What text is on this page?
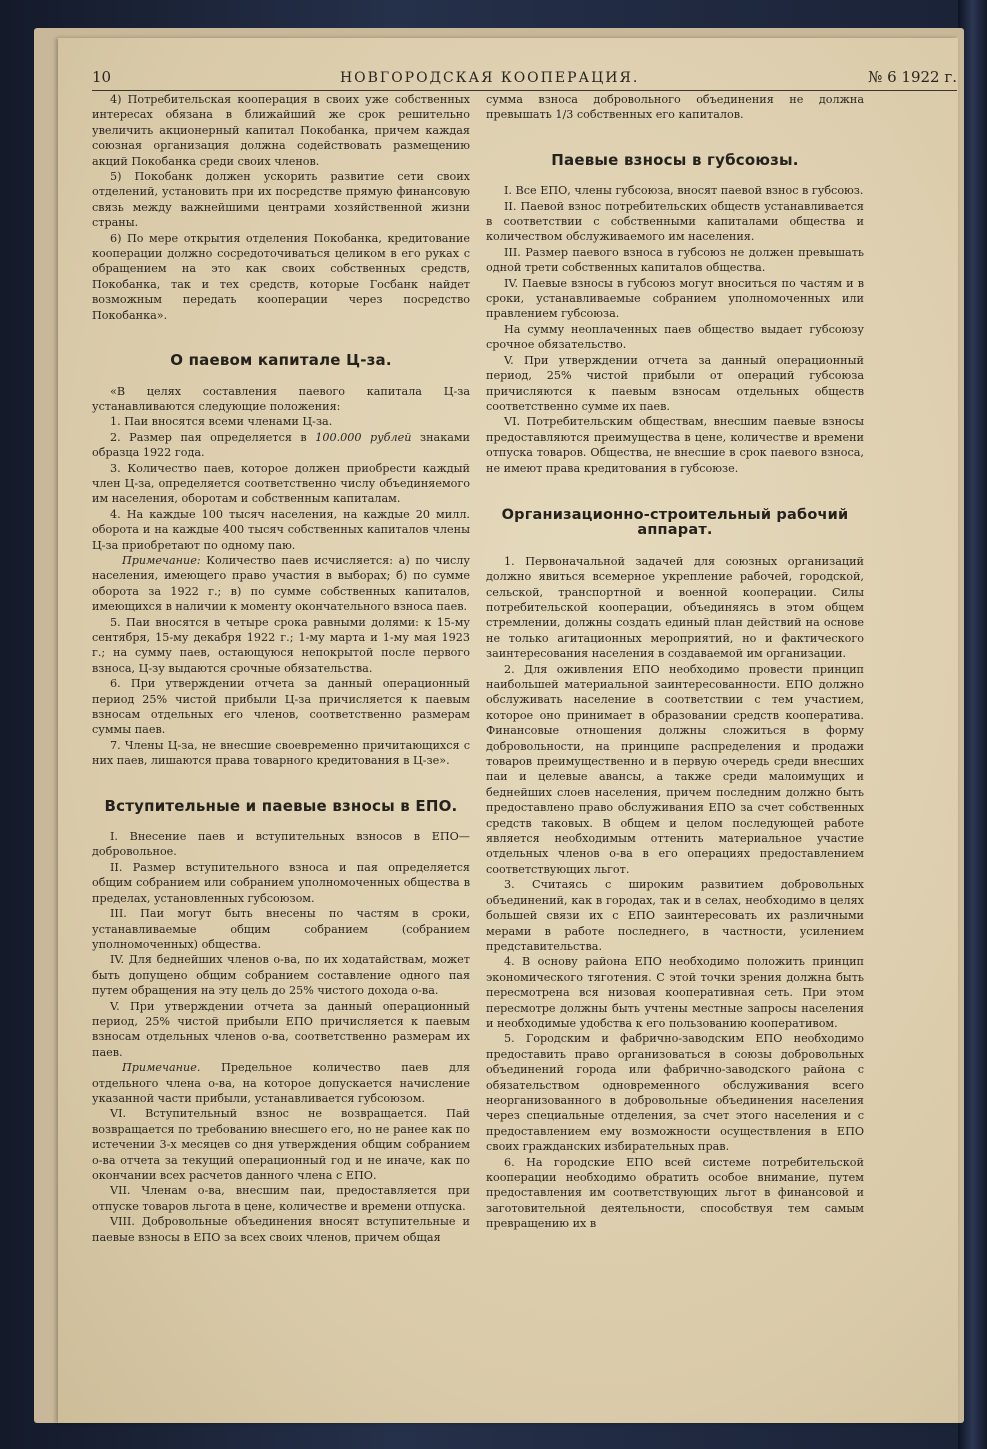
10	НОВГОРОДСКАЯ КООПЕРАЦИЯ.	№ 6 1922 г.

4) Потребительская кооперация в своих уже собственных интересах обязана в ближайший же срок решительно увеличить акционерный капитал Покобанка, причем каждая союзная организация должна содействовать размещению акций Покобанка среди своих членов.

5) Покобанк должен ускорить развитие сети своих отделений, установить при их посредстве прямую финансовую связь между важнейшими центрами хозяйственной жизни страны.

6) По мере открытия отделения Покобанка, кредитование кооперации должно сосредоточиваться целиком в его руках с обращением на это как своих собственных средств, Покобанка, так и тех средств, которые Госбанк найдет возможным передать кооперации через посредство Покобанка».

О паевом капитале Ц-за.

«В целях составления паевого капитала Ц-за устанавливаются следующие положения:

1. Паи вносятся всеми членами Ц-за.

2. Размер пая определяется в 100.000 рублей знаками образца 1922 года.

3. Количество паев, которое должен приобрести каждый член Ц-за, определяется соответственно числу объединяемого им населения, оборотам и собственным капиталам.

4. На каждые 100 тысяч населения, на каждые 20 милл. оборота и на каждые 400 тысяч собственных капиталов члены Ц-за приобретают по одному паю.

Примечание: Количество паев исчисляется: а) по числу населения, имеющего право участия в выборах; б) по сумме оборота за 1922 г.; в) по сумме собственных капиталов, имеющихся в наличии к моменту окончательного взноса паев.

5. Паи вносятся в четыре срока равными долями: к 15-му сентября, 15-му декабря 1922 г.; 1-му марта и 1-му мая 1923 г.; на сумму паев, остающуюся непокрытой после первого взноса, Ц-зу выдаются срочные обязательства.

6. При утверждении отчета за данный операционный период 25% чистой прибыли Ц-за причисляется к паевым взносам отдельных его членов, соответственно размерам суммы паев.

7. Члены Ц-за, не внесшие своевременно причитающихся с них паев, лишаются права товарного кредитования в Ц-зе».

Вступительные и паевые взносы в ЕПО.

I. Внесение паев и вступительных взносов в ЕПО—добровольное.

II. Размер вступительного взноса и пая определяется общим собранием или собранием уполномоченных общества в пределах, установленных губсоюзом.

III. Паи могут быть внесены по частям в сроки, устанавливаемые общим собранием (собранием уполномоченных) общества.

IV. Для беднейших членов о-ва, по их ходатайствам, может быть допущено общим собранием составление одного пая путем обращения на эту цель до 25% чистого дохода о-ва.

V. При утверждении отчета за данный операционный период, 25% чистой прибыли ЕПО причисляется к паевым взносам отдельных членов о-ва, соответственно размерам их паев.

Примечание. Предельное количество паев для отдельного члена о-ва, на которое допускается начисление указанной части прибыли, устанавливается губсоюзом.

VI. Вступительный взнос не возвращается. Пай возвращается по требованию внесшего его, но не ранее как по истечении 3-х месяцев со дня утверждения общим собранием о-ва отчета за текущий операционный год и не иначе, как по окончании всех расчетов данного члена с ЕПО.

VII. Членам о-ва, внесшим паи, предоставляется при отпуске товаров льгота в цене, количестве и времени отпуска.

VIII. Добровольные объединения вносят вступительные и паевые взносы в ЕПО за всех своих членов, причем общая

сумма взноса добровольного объединения не должна превышать 1/3 собственных его капиталов.

Паевые взносы в губсоюзы.

I. Все ЕПО, члены губсоюза, вносят паевой взнос в губсоюз.

II. Паевой взнос потребительских обществ устанавливается в соответствии с собственными капиталами общества и количеством обслуживаемого им населения.

III. Размер паевого взноса в губсоюз не должен превышать одной трети собственных капиталов общества.

IV. Паевые взносы в губсоюз могут вноситься по частям и в сроки, устанавливаемые собранием уполномоченных или правлением губсоюза.

На сумму неоплаченных паев общество выдает губсоюзу срочное обязательство.

V. При утверждении отчета за данный операционный период, 25% чистой прибыли от операций губсоюза причисляются к паевым взносам отдельных обществ соответственно сумме их паев.

VI. Потребительским обществам, внесшим паевые взносы предоставляются преимущества в цене, количестве и времени отпуска товаров. Общества, не внесшие в срок паевого взноса, не имеют права кредитования в губсоюзе.

Организационно-строительный рабочий аппарат.

1. Первоначальной задачей для союзных организаций должно явиться всемерное укрепление рабочей, городской, сельской, транспортной и военной кооперации. Силы потребительской кооперации, объединяясь в этом общем стремлении, должны создать единый план действий на основе не только агитационных мероприятий, но и фактического заинтересования населения в создаваемой им организации.

2. Для оживления ЕПО необходимо провести принцип наибольшей материальной заинтересованности. ЕПО должно обслуживать население в соответствии с тем участием, которое оно принимает в образовании средств кооператива. Финансовые отношения должны сложиться в форму добровольности, на принципе распределения и продажи товаров преимущественно и в первую очередь среди внесших паи и целевые авансы, а также среди малоимущих и беднейших слоев населения, причем последним должно быть предоставлено право обслуживания ЕПО за счет собственных средств таковых. В общем и целом последующей работе является необходимым оттенить материальное участие отдельных членов о-ва в его операциях предоставлением соответствующих льгот.

3. Считаясь с широким развитием добровольных объединений, как в городах, так и в селах, необходимо в целях большей связи их с ЕПО заинтересовать их различными мерами в работе последнего, в частности, усилением представительства.

4. В основу района ЕПО необходимо положить принцип экономического тяготения. С этой точки зрения должна быть пересмотрена вся низовая кооперативная сеть. При этом пересмотре должны быть учтены местные запросы населения и необходимые удобства к его пользованию кооперативом.

5. Городским и фабрично-заводским ЕПО необходимо предоставить право организоваться в союзы добровольных объединений города или фабрично-заводского района с обязательством одновременного обслуживания всего неорганизованного в добровольные объединения населения через специальные отделения, за счет этого населения и с предоставлением ему возможности осуществления в ЕПО своих гражданских избирательных прав.

6. На городские ЕПО всей системе потребительской кооперации необходимо обратить особое внимание, путем предоставления им соответствующих льгот в финансовой и заготовительной деятельности, способствуя тем самым превращению их в
